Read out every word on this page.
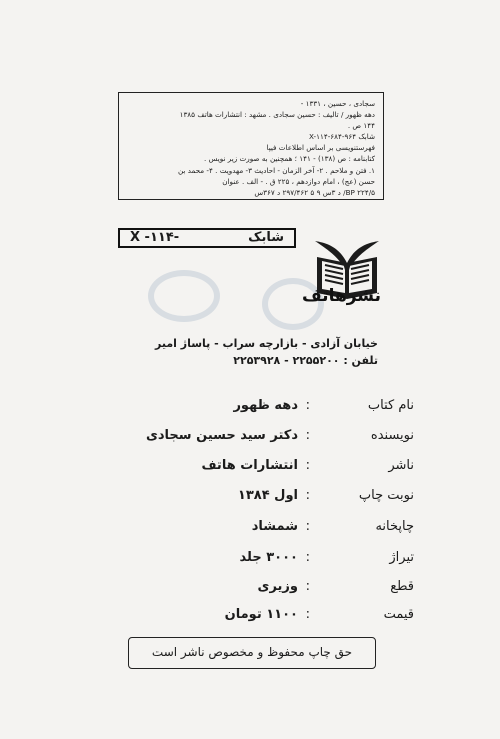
سجادی ، حسین ، ۱۳۳۱ -
دهه ظهور / تالیف : حسین سجادی . مشهد : انتشارات هاتف ۱۳۸۵
۱۴۴ ص .
شابک X-۱۱۴-۶۸۴-۹۶۴
فهرستنویسی بر اساس اطلاعات فیپا
کتابنامه : ص (۱۳۸) - ۱۴۱ ؛ همچنین به صورت زیر نویس .
۱. فتن و ملاحم . ۲- آخر الزمان - احادیث ۳- مهدویت . ۴- محمد بن
حسن (عج) ، امام دوازدهم ، ۲۲۵ ق . - الف . عنوان
BP ۲۲۴/۵/ د ۳س ۹ ۵ ۲۹۷/۴۶۲ د ۳۶۷س
شابک
X -۱۱۴-
نشرهاتف
خیابان آزادی - بازارچه سراب - پاساژ امیر
تلفن : ۲۲۵۵۲۰۰ - ۲۲۵۳۹۲۸
نام کتاب
:
دهه ظهور
نویسنده
:
دکتر سید حسین سجادی
ناشر
:
انتشارات هاتف
نوبت چاپ
:
اول ۱۳۸۴
چاپخانه
:
شمشاد
تیراژ
:
۳۰۰۰ جلد
قطع
:
وزیری
قیمت
:
۱۱۰۰ تومان
حق چاپ محفوظ و مخصوص ناشر است
